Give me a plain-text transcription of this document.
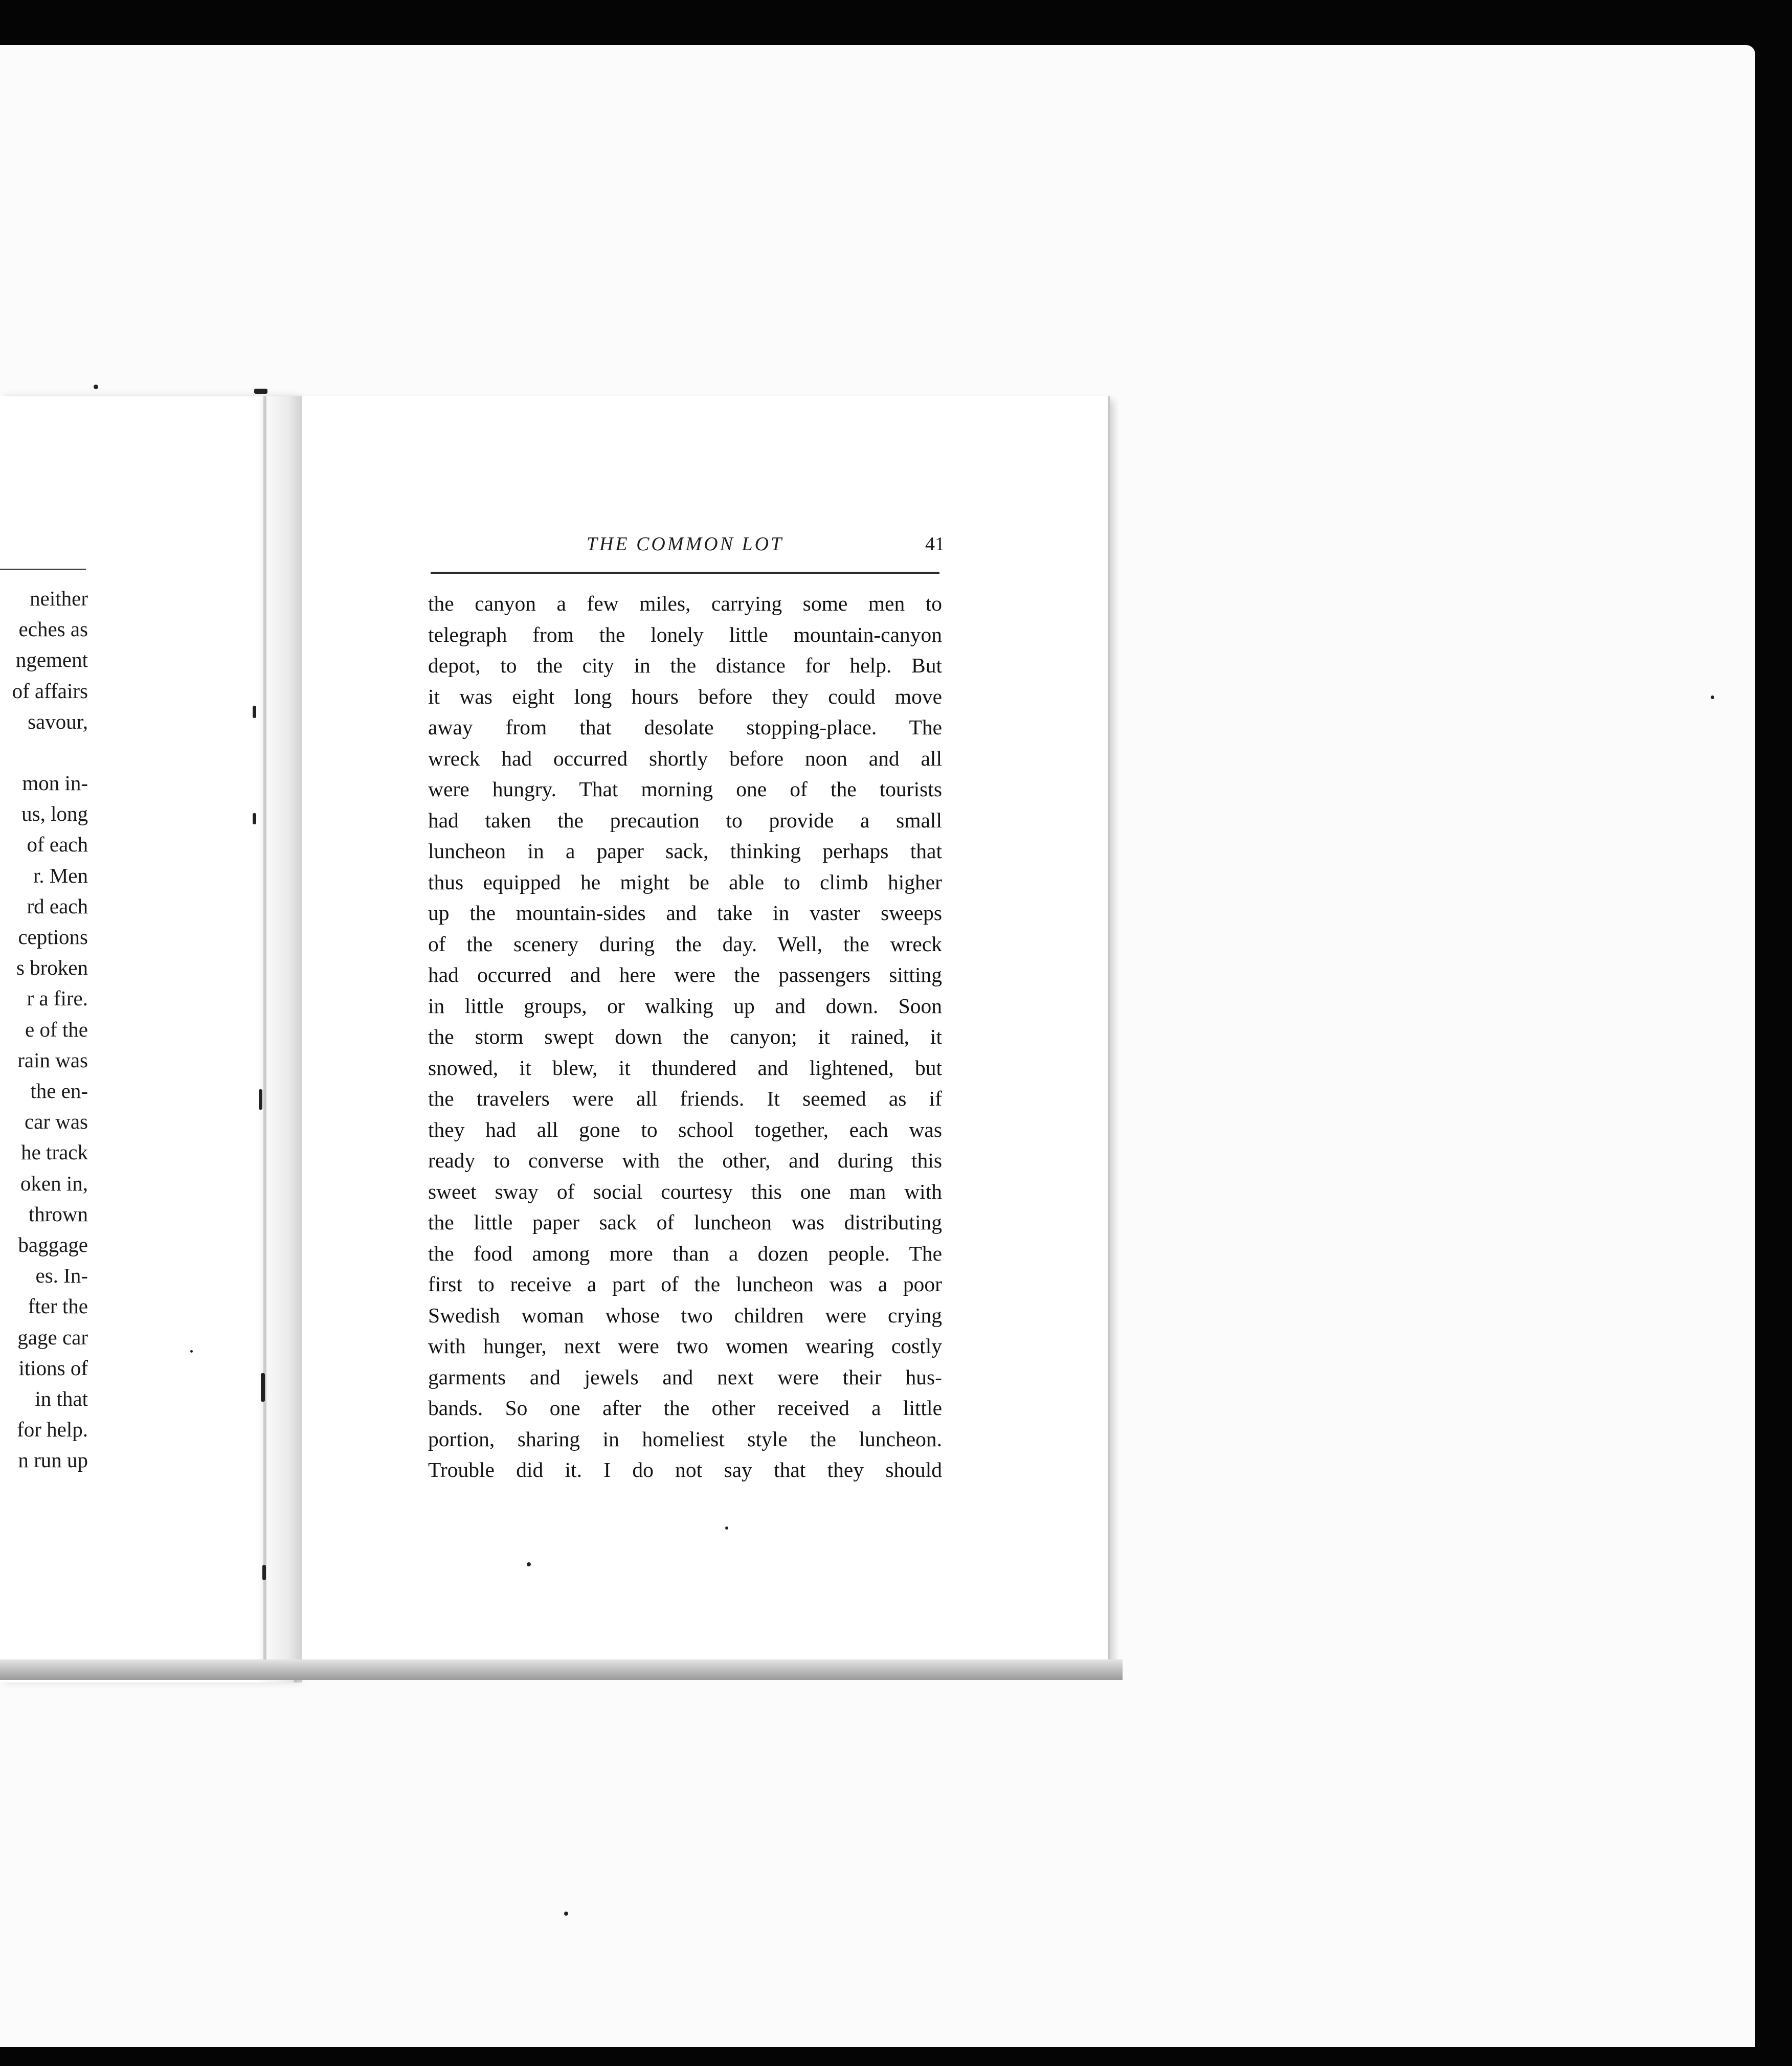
neither
eches as
ngement
of affairs
savour,
mon in-
us, long
of each
r. Men
rd each
ceptions
s broken
r a fire.
e of the
rain was
the en-
car was
he track
oken in,
thrown
baggage
es. In-
fter the
gage car
itions of
in that
for help.
n run up
THE COMMON LOT	41
the canyon a few miles, carrying some men to
telegraph from the lonely little mountain-canyon
depot, to the city in the distance for help. But
it was eight long hours before they could move
away from that desolate stopping-place. The
wreck had occurred shortly before noon and all
were hungry. That morning one of the tourists
had taken the precaution to provide a small
luncheon in a paper sack, thinking perhaps that
thus equipped he might be able to climb higher
up the mountain-sides and take in vaster sweeps
of the scenery during the day. Well, the wreck
had occurred and here were the passengers sitting
in little groups, or walking up and down. Soon
the storm swept down the canyon; it rained, it
snowed, it blew, it thundered and lightened, but
the travelers were all friends. It seemed as if
they had all gone to school together, each was
ready to converse with the other, and during this
sweet sway of social courtesy this one man with
the little paper sack of luncheon was distributing
the food among more than a dozen people. The
first to receive a part of the luncheon was a poor
Swedish woman whose two children were crying
with hunger, next were two women wearing costly
garments and jewels and next were their hus-
bands. So one after the other received a little
portion, sharing in homeliest style the luncheon.
Trouble did it. I do not say that they should
